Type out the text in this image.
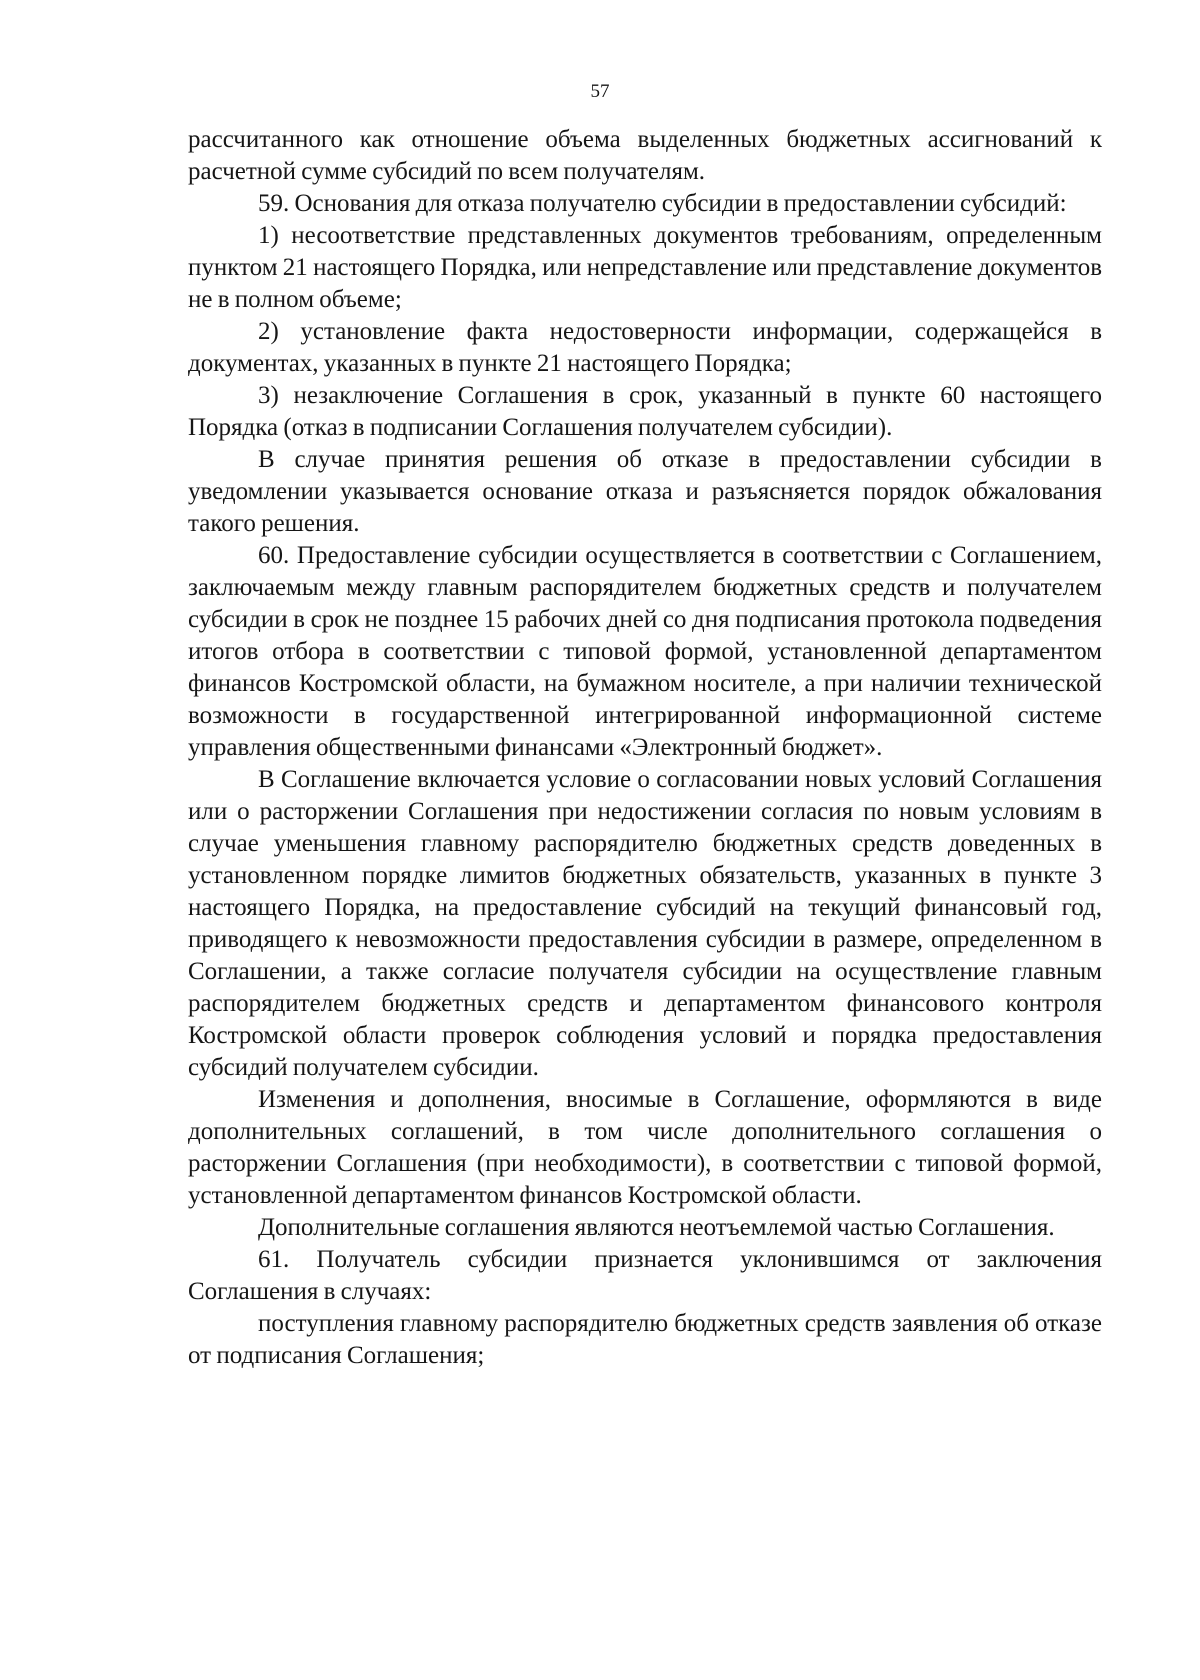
57

рассчитанного как отношение объема выделенных бюджетных ассигнований к расчетной сумме субсидий по всем получателям.

59. Основания для отказа получателю субсидии в предоставлении субсидий:

1) несоответствие представленных документов требованиям, определенным пунктом 21 настоящего Порядка, или непредставление или представление документов не в полном объеме;

2) установление факта недостоверности информации, содержащейся в документах, указанных в пункте 21 настоящего Порядка;

3) незаключение Соглашения в срок, указанный в пункте 60 настоящего Порядка (отказ в подписании Соглашения получателем субсидии).

В случае принятия решения об отказе в предоставлении субсидии в уведомлении указывается основание отказа и разъясняется порядок обжалования такого решения.

60. Предоставление субсидии осуществляется в соответствии с Соглашением, заключаемым между главным распорядителем бюджетных средств и получателем субсидии в срок не позднее 15 рабочих дней со дня подписания протокола подведения итогов отбора в соответствии с типовой формой, установленной департаментом финансов Костромской области, на бумажном носителе, а при наличии технической возможности в государственной интегрированной информационной системе управления общественными финансами «Электронный бюджет».

В Соглашение включается условие о согласовании новых условий Соглашения или о расторжении Соглашения при недостижении согласия по новым условиям в случае уменьшения главному распорядителю бюджетных средств доведенных в установленном порядке лимитов бюджетных обязательств, указанных в пункте 3 настоящего Порядка, на предоставление субсидий на текущий финансовый год, приводящего к невозможности предоставления субсидии в размере, определенном в Соглашении, а также согласие получателя субсидии на осуществление главным распорядителем бюджетных средств и департаментом финансового контроля Костромской области проверок соблюдения условий и порядка предоставления субсидий получателем субсидии.

Изменения и дополнения, вносимые в Соглашение, оформляются в виде дополнительных соглашений, в том числе дополнительного соглашения о расторжении Соглашения (при необходимости), в соответствии с типовой формой, установленной департаментом финансов Костромской области.

Дополнительные соглашения являются неотъемлемой частью Соглашения.

61. Получатель субсидии признается уклонившимся от заключения Соглашения в случаях:

поступления главному распорядителю бюджетных средств заявления об отказе от подписания Соглашения;
